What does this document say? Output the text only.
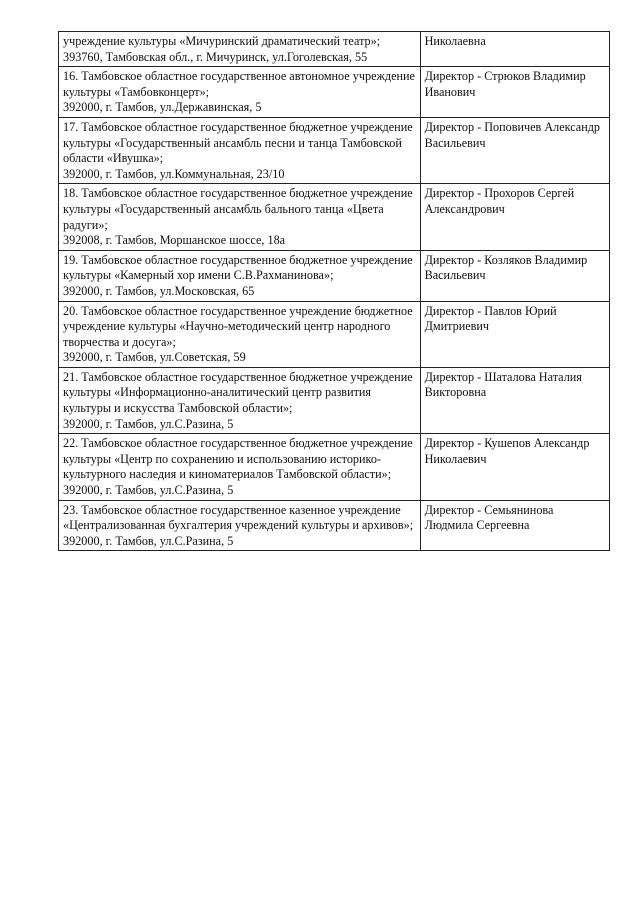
учреждение культуры «Мичуринский драматический театр»;
393760, Тамбовская обл., г. Мичуринск, ул.Гоголевская, 55	Николаевна
16. Тамбовское областное государственное автономное учреждение культуры «Тамбовконцерт»;
392000, г. Тамбов, ул.Державинская, 5	Директор - Стрюков Владимир Иванович
17. Тамбовское областное государственное бюджетное учреждение культуры «Государственный ансамбль песни и танца Тамбовской области «Ивушка»;
392000, г. Тамбов, ул.Коммунальная, 23/10	Директор - Поповичев Александр Васильевич
18. Тамбовское областное государственное бюджетное учреждение культуры «Государственный ансамбль бального танца «Цвета радуги»;
392008, г. Тамбов, Моршанское шоссе, 18а	Директор - Прохоров Сергей Александрович
19. Тамбовское областное государственное бюджетное учреждение культуры «Камерный хор имени С.В.Рахманинова»;
392000, г. Тамбов, ул.Московская, 65	Директор - Козляков Владимир Васильевич
20. Тамбовское областное государственное учреждение бюджетное учреждение культуры «Научно-методический центр народного творчества и досуга»;
392000, г. Тамбов, ул.Советская, 59	Директор - Павлов Юрий Дмитриевич
21. Тамбовское областное государственное бюджетное учреждение культуры «Информационно-аналитический центр развития культуры и искусства Тамбовской области»;
392000, г. Тамбов, ул.С.Разина, 5	Директор - Шаталова Наталия Викторовна
22. Тамбовское областное государственное бюджетное учреждение культуры «Центр по сохранению и использованию историко-культурного наследия и киноматериалов Тамбовской области»;
392000, г. Тамбов, ул.С.Разина, 5	Директор - Кушепов Александр Николаевич
23. Тамбовское областное государственное казенное учреждение «Централизованная бухгалтерия учреждений культуры и архивов»; 392000, г. Тамбов, ул.С.Разина, 5	Директор - Семьянинова Людмила Сергеевна
